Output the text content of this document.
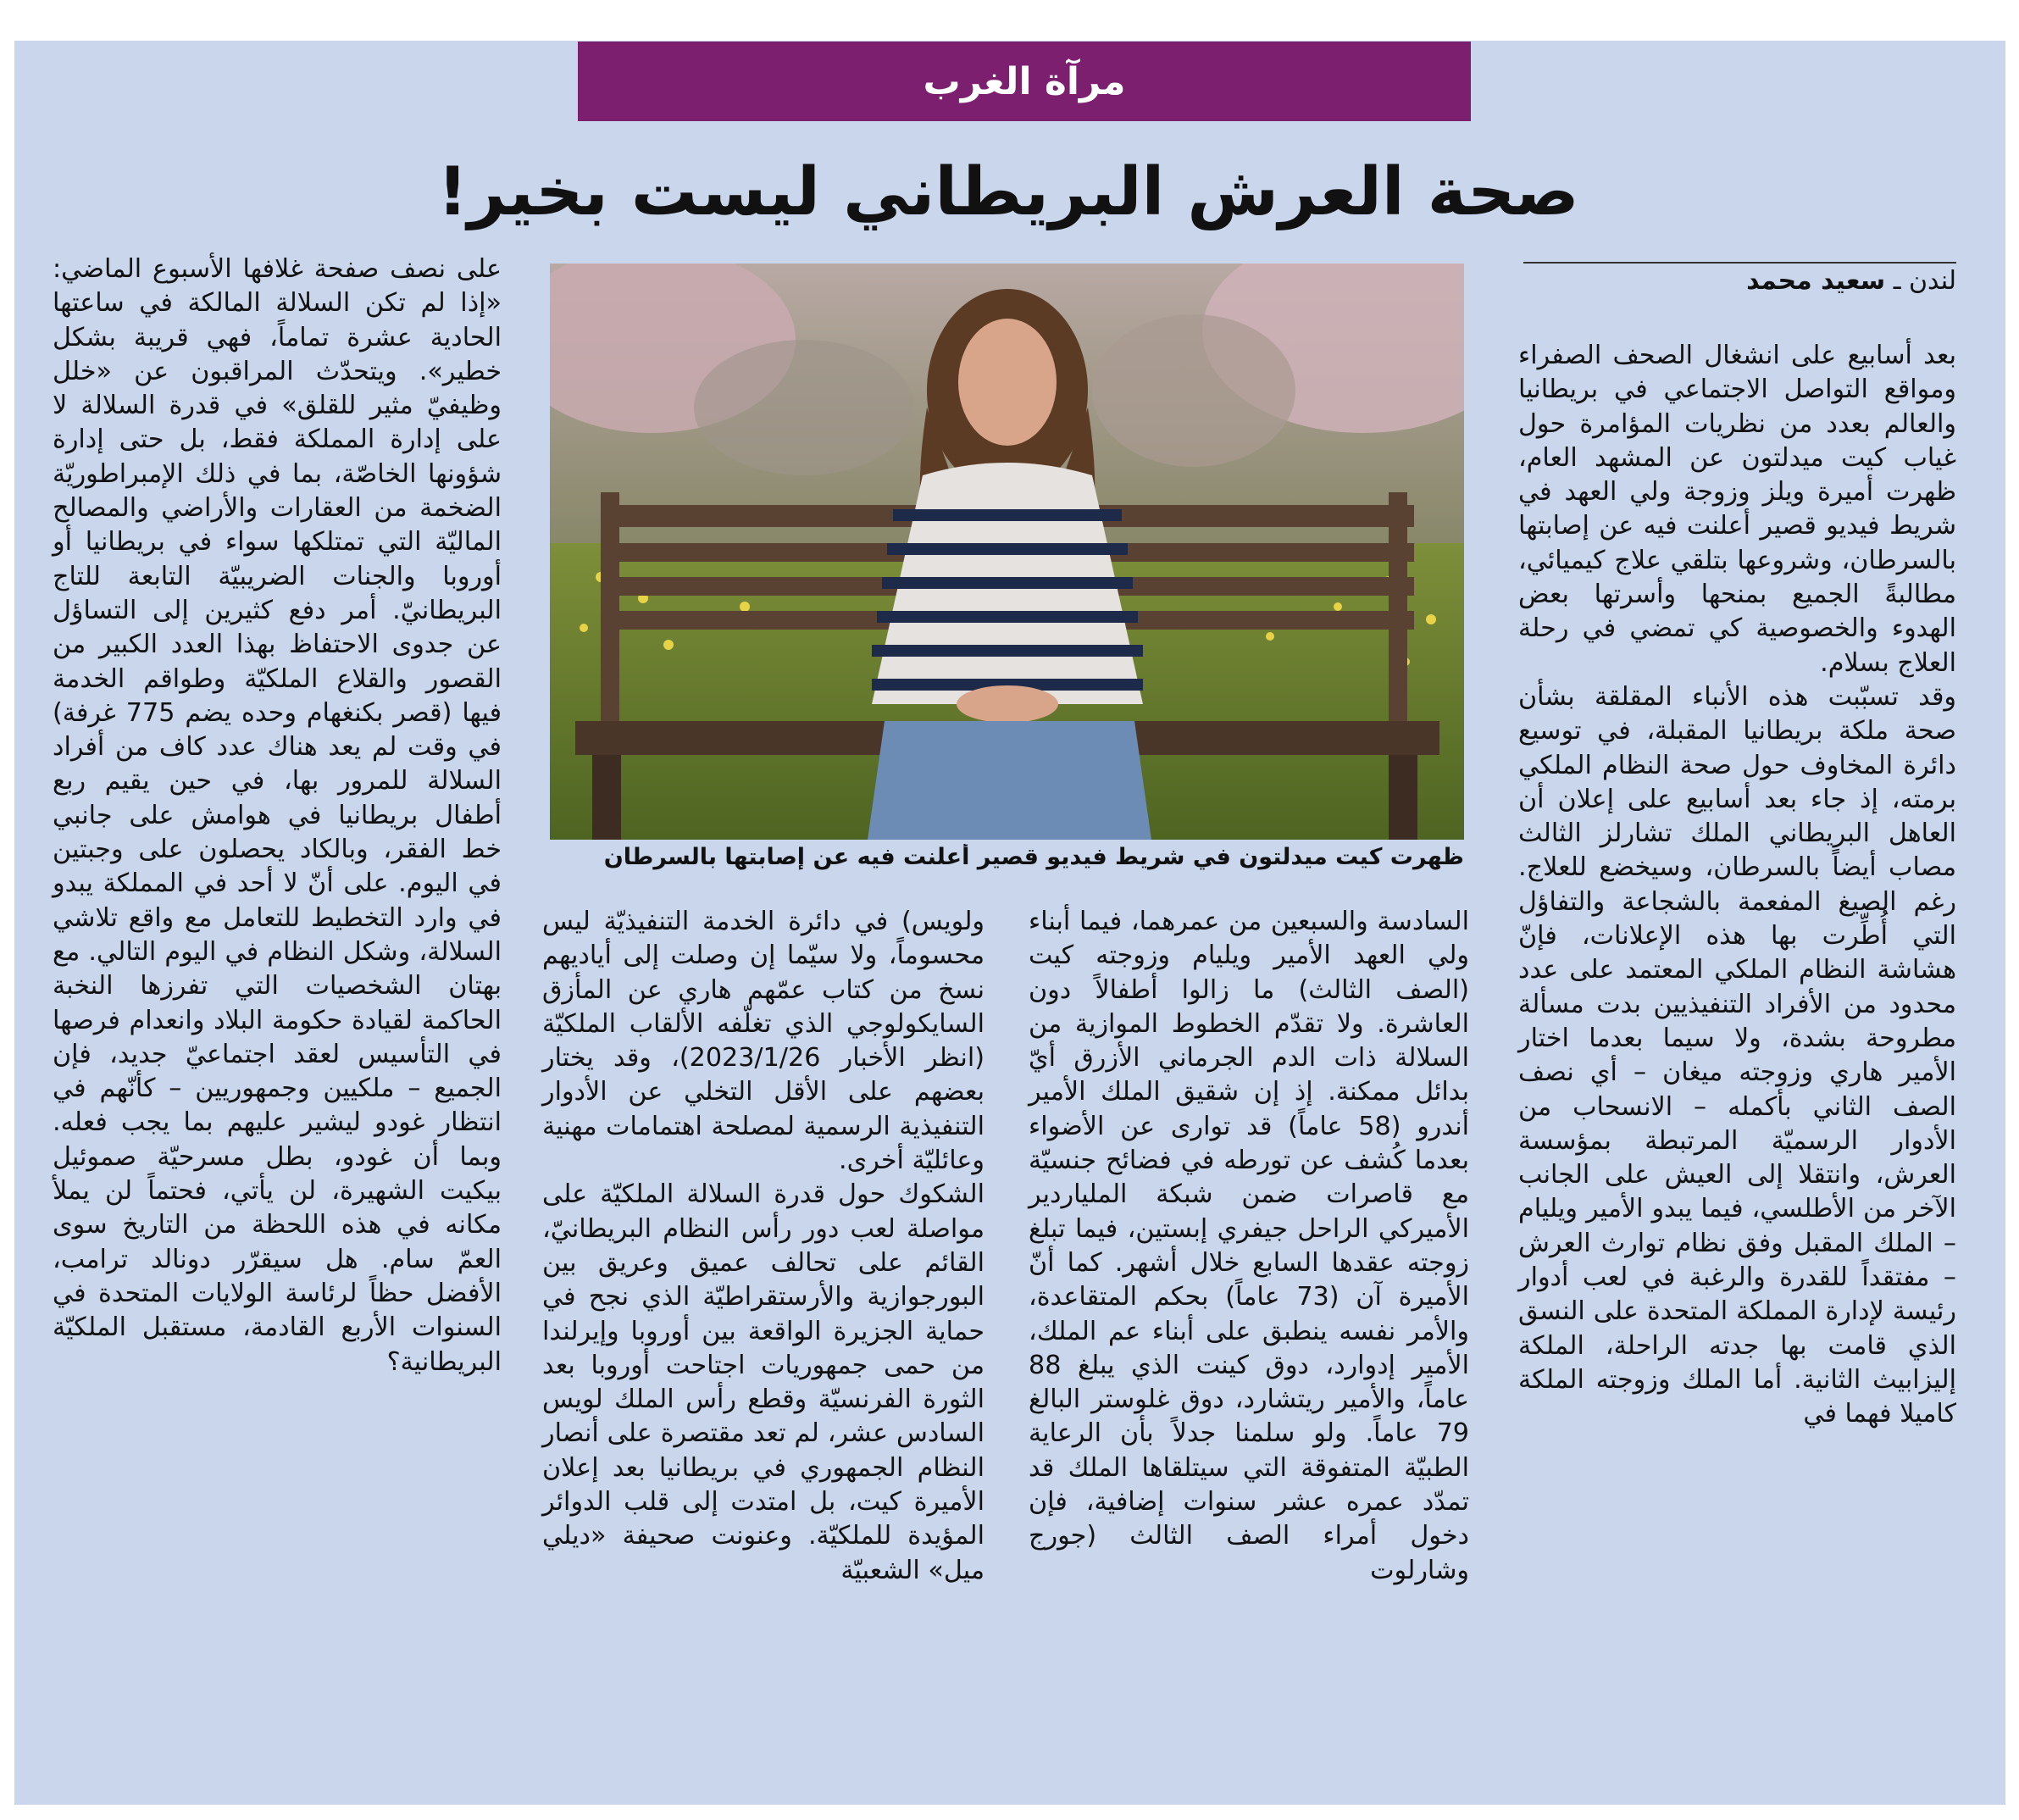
مرآة الغرب
صحة العرش البريطاني ليست بخير!
لندن ـ سعيد محمد

بعد أسابيع على انشغال الصحف الصفراء ومواقع التواصل الاجتماعي في بريطانيا والعالم بعدد من نظريات المؤامرة حول غياب كيت ميدلتون عن المشهد العام، ظهرت أميرة ويلز وزوجة ولي العهد في شريط فيديو قصير أعلنت فيه عن إصابتها بالسرطان، وشروعها بتلقي علاج كيميائي، مطالبةً الجميع بمنحها وأسرتها بعض الهدوء والخصوصية كي تمضي في رحلة العلاج بسلام.

وقد تسبّبت هذه الأنباء المقلقة بشأن صحة ملكة بريطانيا المقبلة، في توسيع دائرة المخاوف حول صحة النظام الملكي برمته، إذ جاء بعد أسابيع على إعلان أن العاهل البريطاني الملك تشارلز الثالث مصاب أيضاً بالسرطان، وسيخضع للعلاج. رغم الصيغ المفعمة بالشجاعة والتفاؤل التي أُطِّرت بها هذه الإعلانات، فإنّ هشاشة النظام الملكي المعتمد على عدد محدود من الأفراد التنفيذيين بدت مسألة مطروحة بشدة، ولا سيما بعدما اختار الأمير هاري وزوجته ميغان – أي نصف الصف الثاني بأكمله – الانسحاب من الأدوار الرسميّة المرتبطة بمؤسسة العرش، وانتقلا إلى العيش على الجانب الآخر من الأطلسي، فيما يبدو الأمير ويليام – الملك المقبل وفق نظام توارث العرش – مفتقداً للقدرة والرغبة في لعب أدوار رئيسة لإدارة المملكة المتحدة على النسق الذي قامت بها جدته الراحلة، الملكة إليزابيث الثانية. أما الملك وزوجته الملكة كاميلا فهما في

السادسة والسبعين من عمرهما، فيما أبناء ولي العهد الأمير ويليام وزوجته كيت (الصف الثالث) ما زالوا أطفالاً دون العاشرة. ولا تقدّم الخطوط الموازية من السلالة ذات الدم الجرماني الأزرق أيّ بدائل ممكنة. إذ إن شقيق الملك الأمير أندرو (58 عاماً) قد توارى عن الأضواء بعدما كُشف عن تورطه في فضائح جنسيّة مع قاصرات ضمن شبكة الملياردير الأميركي الراحل جيفري إبستين، فيما تبلغ زوجته عقدها السابع خلال أشهر. كما أنّ الأميرة آن (73 عاماً) بحكم المتقاعدة، والأمر نفسه ينطبق على أبناء عم الملك، الأمير إدوارد، دوق كينت الذي يبلغ 88 عاماً، والأمير ريتشارد، دوق غلوستر البالغ 79 عاماً. ولو سلمنا جدلاً بأن الرعاية الطبيّة المتفوقة التي سيتلقاها الملك قد تمدّد عمره عشر سنوات إضافية، فإن دخول أمراء الصف الثالث (جورج وشارلوت

ولويس) في دائرة الخدمة التنفيذيّة ليس محسوماً، ولا سيّما إن وصلت إلى أياديهم نسخ من كتاب عمّهم هاري عن المأزق السايكولوجي الذي تغلّفه الألقاب الملكيّة (انظر الأخبار 2023/1/26)، وقد يختار بعضهم على الأقل التخلي عن الأدوار التنفيذية الرسمية لمصلحة اهتمامات مهنية وعائليّة أخرى.

الشكوك حول قدرة السلالة الملكيّة على مواصلة لعب دور رأس النظام البريطانيّ، القائم على تحالف عميق وعريق بين البورجوازية والأرستقراطيّة الذي نجح في حماية الجزيرة الواقعة بين أوروبا وإيرلندا من حمى جمهوريات اجتاحت أوروبا بعد الثورة الفرنسيّة وقطع رأس الملك لويس السادس عشر، لم تعد مقتصرة على أنصار النظام الجمهوري في بريطانيا بعد إعلان الأميرة كيت، بل امتدت إلى قلب الدوائر المؤيدة للملكيّة. وعنونت صحيفة «ديلي ميل» الشعبيّة

على نصف صفحة غلافها الأسبوع الماضي: «إذا لم تكن السلالة المالكة في ساعتها الحادية عشرة تماماً، فهي قريبة بشكل خطير». ويتحدّث المراقبون عن «خلل وظيفيّ مثير للقلق» في قدرة السلالة لا على إدارة المملكة فقط، بل حتى إدارة شؤونها الخاصّة، بما في ذلك الإمبراطوريّة الضخمة من العقارات والأراضي والمصالح الماليّة التي تمتلكها سواء في بريطانيا أو أوروبا والجنات الضريبيّة التابعة للتاج البريطانيّ. أمر دفع كثيرين إلى التساؤل عن جدوى الاحتفاظ بهذا العدد الكبير من القصور والقلاع الملكيّة وطواقم الخدمة فيها (قصر بكنغهام وحده يضم 775 غرفة) في وقت لم يعد هناك عدد كاف من أفراد السلالة للمرور بها، في حين يقيم ربع أطفال بريطانيا في هوامش على جانبي خط الفقر، وبالكاد يحصلون على وجبتين في اليوم. على أنّ لا أحد في المملكة يبدو في وارد التخطيط للتعامل مع واقع تلاشي السلالة، وشكل النظام في اليوم التالي. مع بهتان الشخصيات التي تفرزها النخبة الحاكمة لقيادة حكومة البلاد وانعدام فرصها في التأسيس لعقد اجتماعيّ جديد، فإن الجميع – ملكيين وجمهوريين – كأنّهم في انتظار غودو ليشير عليهم بما يجب فعله. وبما أن غودو، بطل مسرحيّة صموئيل بيكيت الشهيرة، لن يأتي، فحتماً لن يملأ مكانه في هذه اللحظة من التاريخ سوى العمّ سام. هل سيقرّر دونالد ترامب، الأفضل حظاً لرئاسة الولايات المتحدة في السنوات الأربع القادمة، مستقبل الملكيّة البريطانية؟

ظهرت كيت ميدلتون في شريط فيديو قصير أعلنت فيه عن إصابتها بالسرطان
